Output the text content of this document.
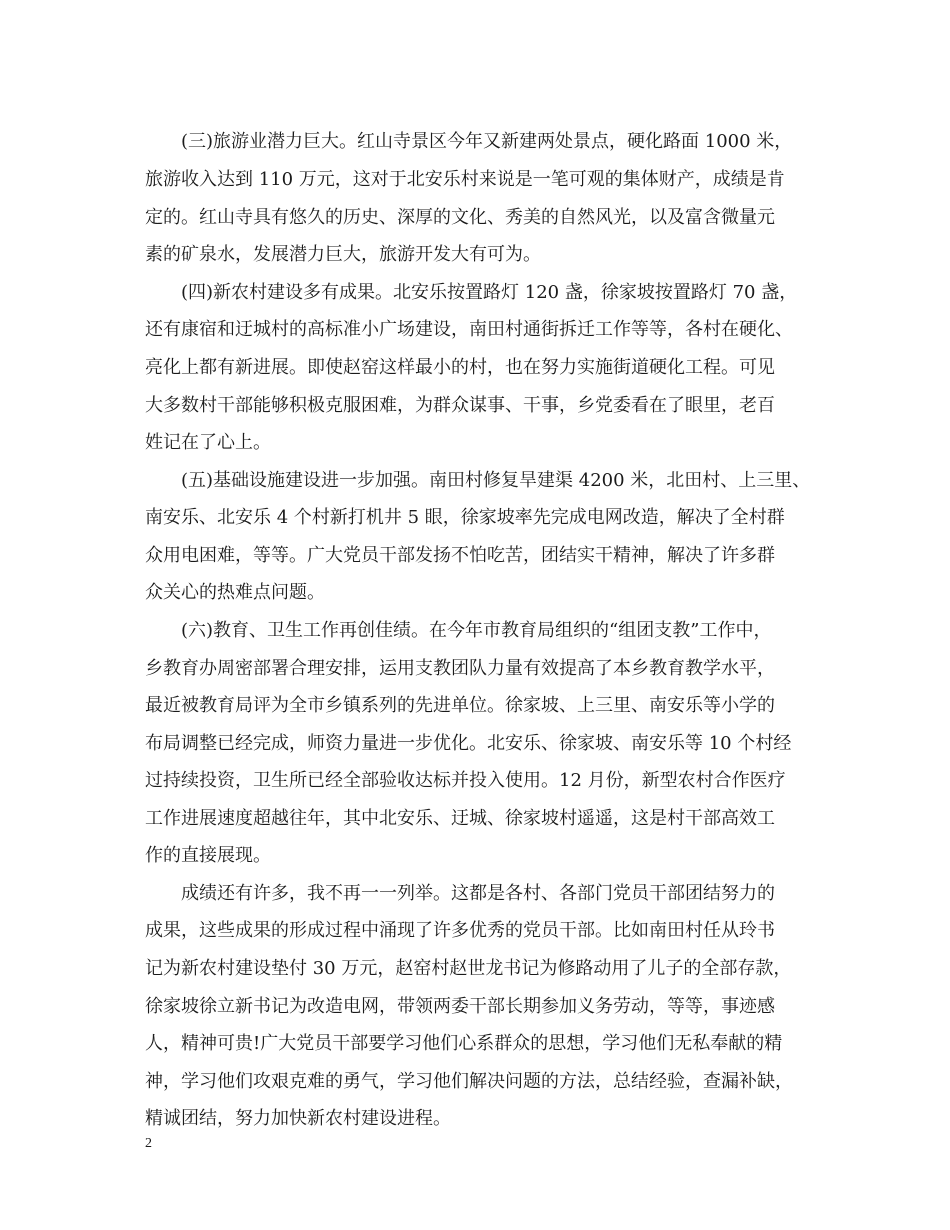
(三)旅游业潜力巨大。红山寺景区今年又新建两处景点，硬化路面 1000 米，
旅游收入达到 110 万元，这对于北安乐村来说是一笔可观的集体财产，成绩是肯
定的。红山寺具有悠久的历史、深厚的文化、秀美的自然风光，以及富含微量元
素的矿泉水，发展潜力巨大，旅游开发大有可为。
(四)新农村建设多有成果。北安乐按置路灯 120 盏，徐家坡按置路灯 70 盏，
还有康宿和迂城村的高标准小广场建设，南田村通街拆迁工作等等，各村在硬化、
亮化上都有新进展。即使赵窑这样最小的村，也在努力实施街道硬化工程。可见
大多数村干部能够积极克服困难，为群众谋事、干事，乡党委看在了眼里，老百
姓记在了心上。
(五)基础设施建设进一步加强。南田村修复旱建渠 4200 米，北田村、上三里、
南安乐、北安乐 4 个村新打机井 5 眼，徐家坡率先完成电网改造，解决了全村群
众用电困难，等等。广大党员干部发扬不怕吃苦，团结实干精神，解决了许多群
众关心的热难点问题。
(六)教育、卫生工作再创佳绩。在今年市教育局组织的“组团支教”工作中，
乡教育办周密部署合理安排，运用支教团队力量有效提高了本乡教育教学水平，
最近被教育局评为全市乡镇系列的先进单位。徐家坡、上三里、南安乐等小学的
布局调整已经完成，师资力量进一步优化。北安乐、徐家坡、南安乐等 10 个村经
过持续投资，卫生所已经全部验收达标并投入使用。12 月份，新型农村合作医疗
工作进展速度超越往年，其中北安乐、迂城、徐家坡村遥遥，这是村干部高效工
作的直接展现。
成绩还有许多，我不再一一列举。这都是各村、各部门党员干部团结努力的
成果，这些成果的形成过程中涌现了许多优秀的党员干部。比如南田村任从玲书
记为新农村建设垫付 30 万元，赵窑村赵世龙书记为修路动用了儿子的全部存款，
徐家坡徐立新书记为改造电网，带领两委干部长期参加义务劳动，等等，事迹感
人，精神可贵!广大党员干部要学习他们心系群众的思想，学习他们无私奉献的精
神，学习他们攻艰克难的勇气，学习他们解决问题的方法，总结经验，查漏补缺，
精诚团结，努力加快新农村建设进程。
2
